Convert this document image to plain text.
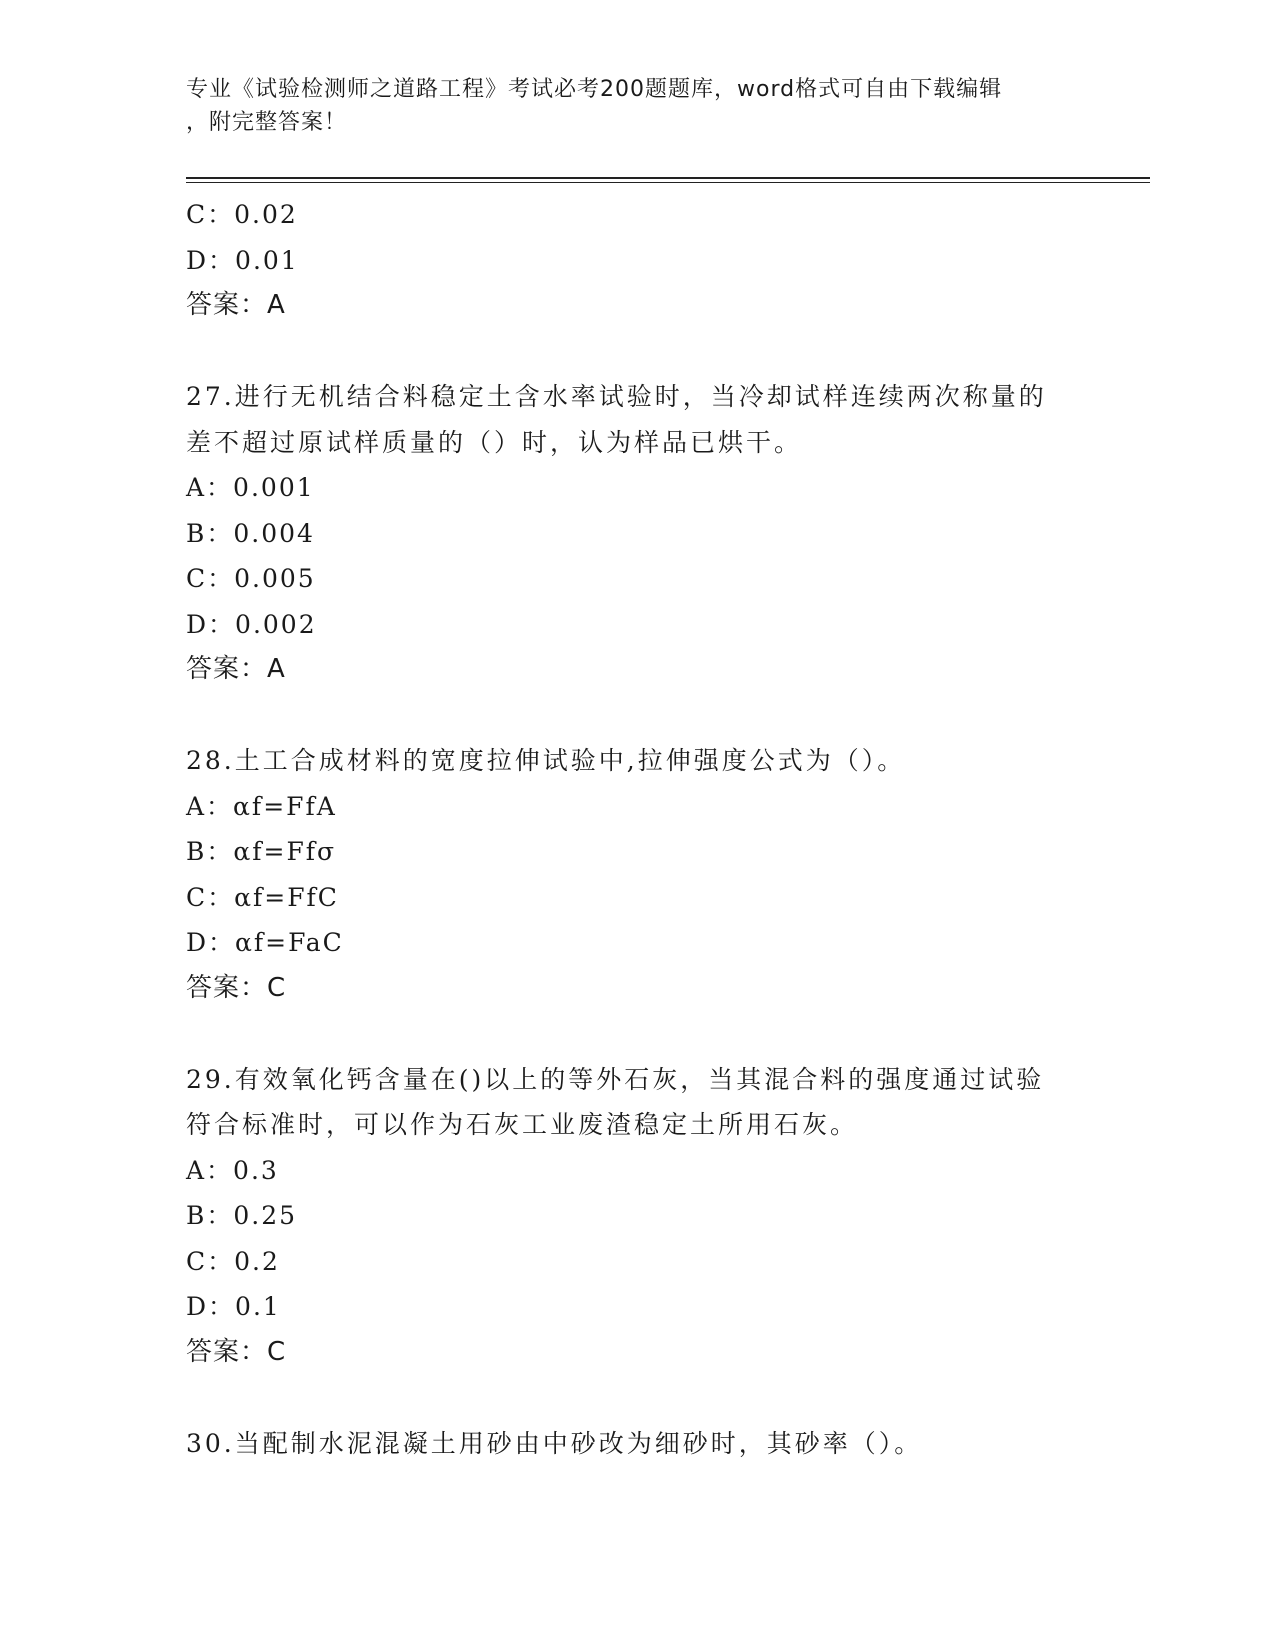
专业《试验检测师之道路工程》考试必考200题题库，word格式可自由下载编辑
，附完整答案！
C：0.02
D：0.01
答案：A
27.进行无机结合料稳定土含水率试验时，当冷却试样连续两次称量的
差不超过原试样质量的（）时，认为样品已烘干。
A：0.001
B：0.004
C：0.005
D：0.002
答案：A
28.土工合成材料的宽度拉伸试验中,拉伸强度公式为（）。
A：αf=FfA
B：αf=Ffσ
C：αf=FfC
D：αf=FaC
答案：C
29.有效氧化钙含量在()以上的等外石灰，当其混合料的强度通过试验
符合标准时，可以作为石灰工业废渣稳定土所用石灰。
A：0.3
B：0.25
C：0.2
D：0.1
答案：C
30.当配制水泥混凝土用砂由中砂改为细砂时，其砂率（）。
